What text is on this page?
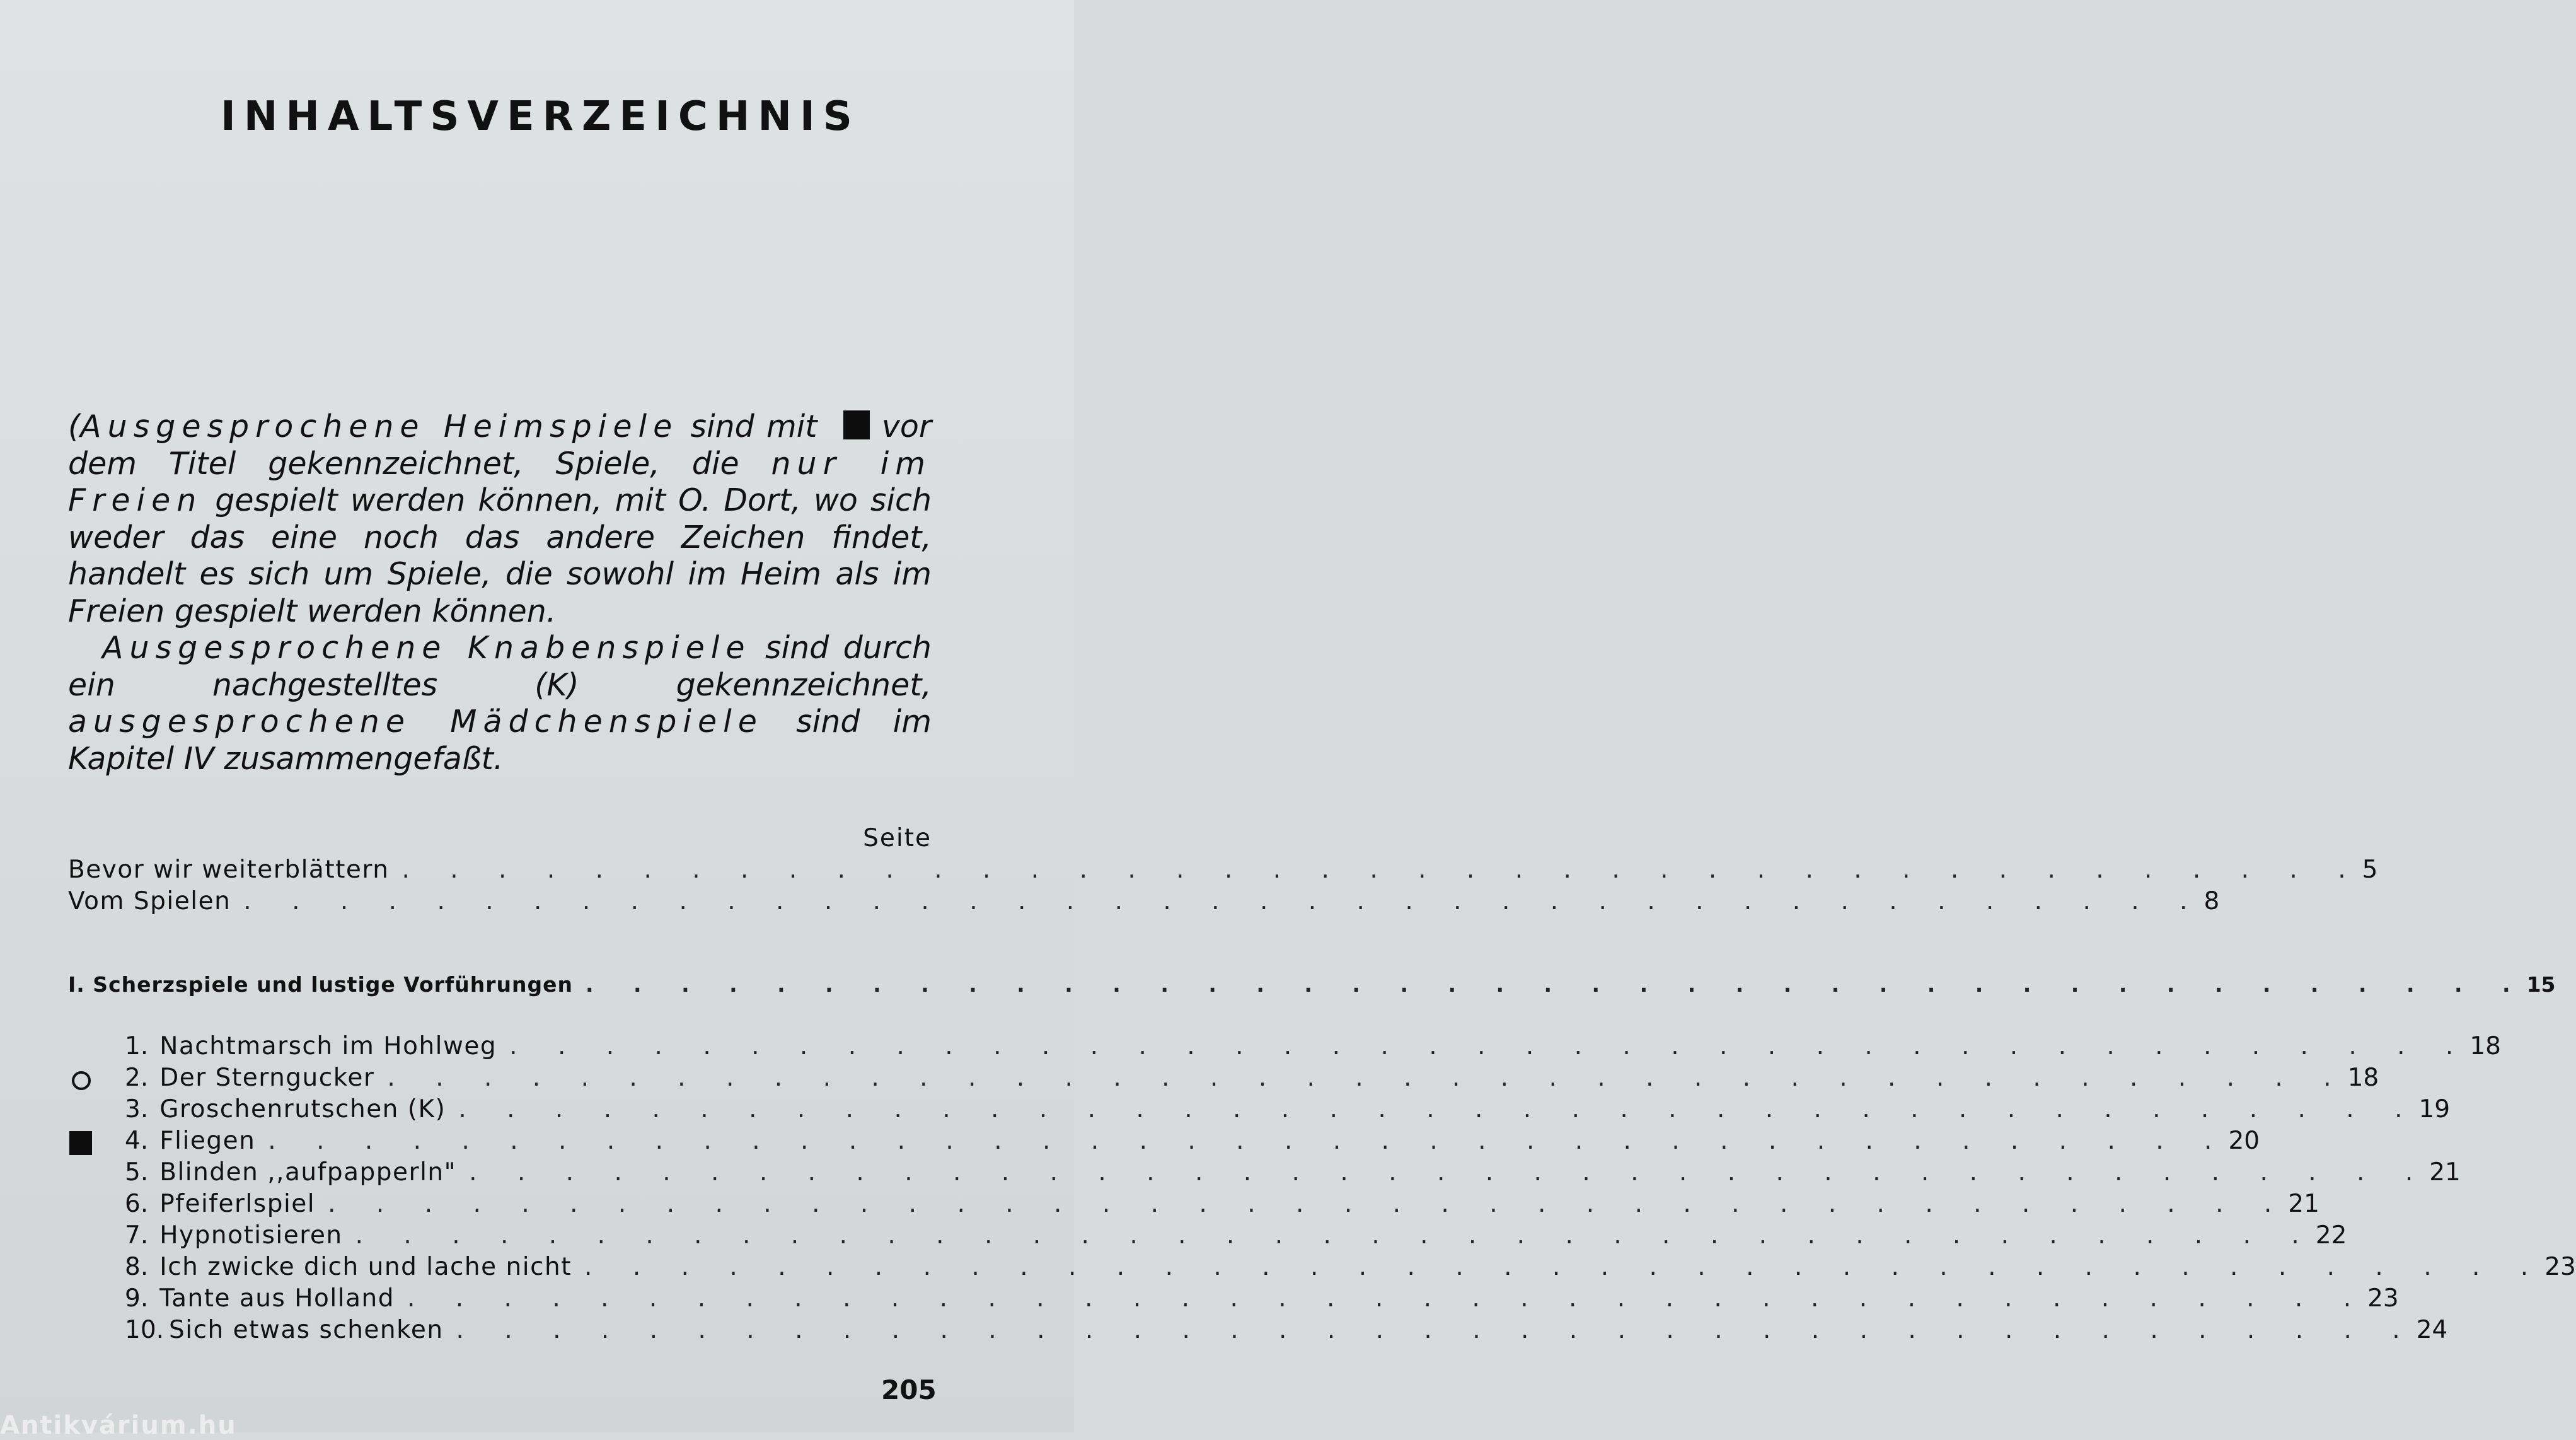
INHALTSVERZEICHNIS

(Ausgesprochene Heimspiele sind mit  vor dem Titel gekennzeichnet, Spiele, die nur im Freien gespielt werden können, mit O. Dort, wo sich weder das eine noch das andere Zeichen findet, handelt es sich um Spiele, die sowohl im Heim als im Freien gespielt werden können.

Ausgesprochene Knabenspiele sind durch ein nachgestelltes (K) gekennzeichnet, ausgesprochene Mädchenspiele sind im Kapitel IV zusammengefaßt.

Seite
Bevor wir weiterblättern . . . . . . . . . . . . . . . . . . . . . . . . . . . . . . . . . . . . . . . . . 5
Vom Spielen . . . . . . . . . . . . . . . . . . . . . . . . . . . . . . . . . . . . . . . . . 8
I. Scherzspiele und lustige Vorführungen . . . . . . . . . . . . . . . . . . . . . . . . . . . . . . . . . . . . . . . . . 15
1. Nachtmarsch im Hohlweg . . . . . . . . . . . . . . . . . . . . . . . . . . . . . . . . . . . . . . . . . 18
2. Der Sterngucker . . . . . . . . . . . . . . . . . . . . . . . . . . . . . . . . . . . . . . . . . 18
3. Groschenrutschen (K) . . . . . . . . . . . . . . . . . . . . . . . . . . . . . . . . . . . . . . . . . 19
4. Fliegen . . . . . . . . . . . . . . . . . . . . . . . . . . . . . . . . . . . . . . . . . 20
5. Blinden ,,aufpapperln" . . . . . . . . . . . . . . . . . . . . . . . . . . . . . . . . . . . . . . . . . 21
6. Pfeiferlspiel . . . . . . . . . . . . . . . . . . . . . . . . . . . . . . . . . . . . . . . . . 21
7. Hypnotisieren . . . . . . . . . . . . . . . . . . . . . . . . . . . . . . . . . . . . . . . . . 22
8. Ich zwicke dich und lache nicht . . . . . . . . . . . . . . . . . . . . . . . . . . . . . . . . . . . . . . . . . 23
9. Tante aus Holland . . . . . . . . . . . . . . . . . . . . . . . . . . . . . . . . . . . . . . . . . 23
10. Sich etwas schenken . . . . . . . . . . . . . . . . . . . . . . . . . . . . . . . . . . . . . . . . . 24

205

Antikvárium.hu
